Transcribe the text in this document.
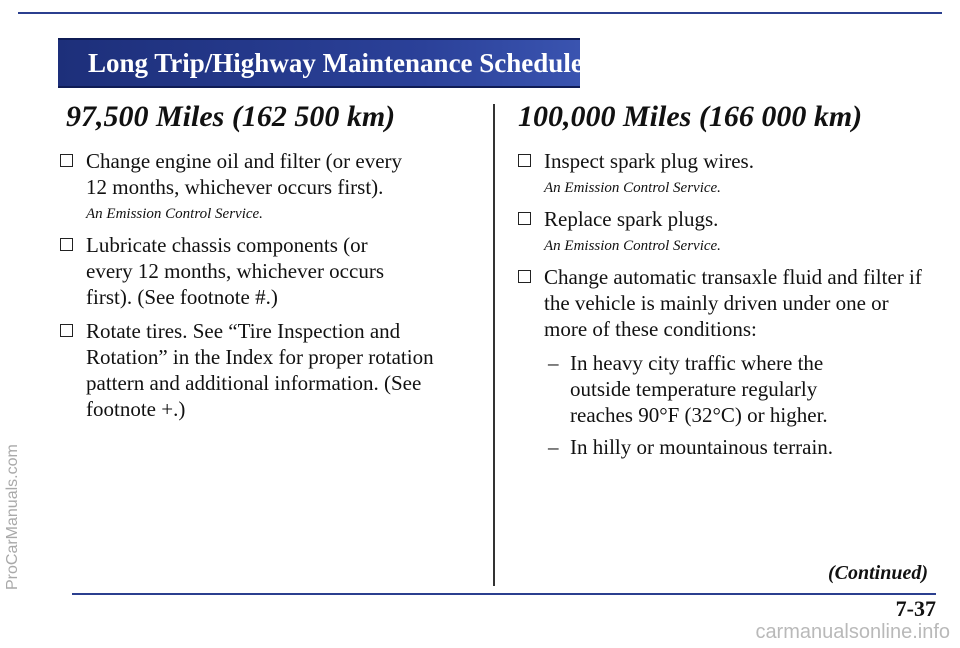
ProCarManuals.com
Long Trip/Highway Maintenance Schedule
97,500 Miles (162 500 km)
Change engine oil and filter (or every 12 months, whichever occurs first).
An Emission Control Service.
Lubricate chassis components (or every 12 months, whichever occurs first). (See footnote #.)
Rotate tires. See “Tire Inspection and Rotation” in the Index for proper rotation pattern and additional information. (See footnote +.)
100,000 Miles (166 000 km)
Inspect spark plug wires.
An Emission Control Service.
Replace spark plugs.
An Emission Control Service.
Change automatic transaxle fluid and filter if the vehicle is mainly driven under one or more of these conditions:
– In heavy city traffic where the outside temperature regularly reaches 90°F (32°C) or higher.
– In hilly or mountainous terrain.
(Continued)
7-37
carmanualsonline.info
